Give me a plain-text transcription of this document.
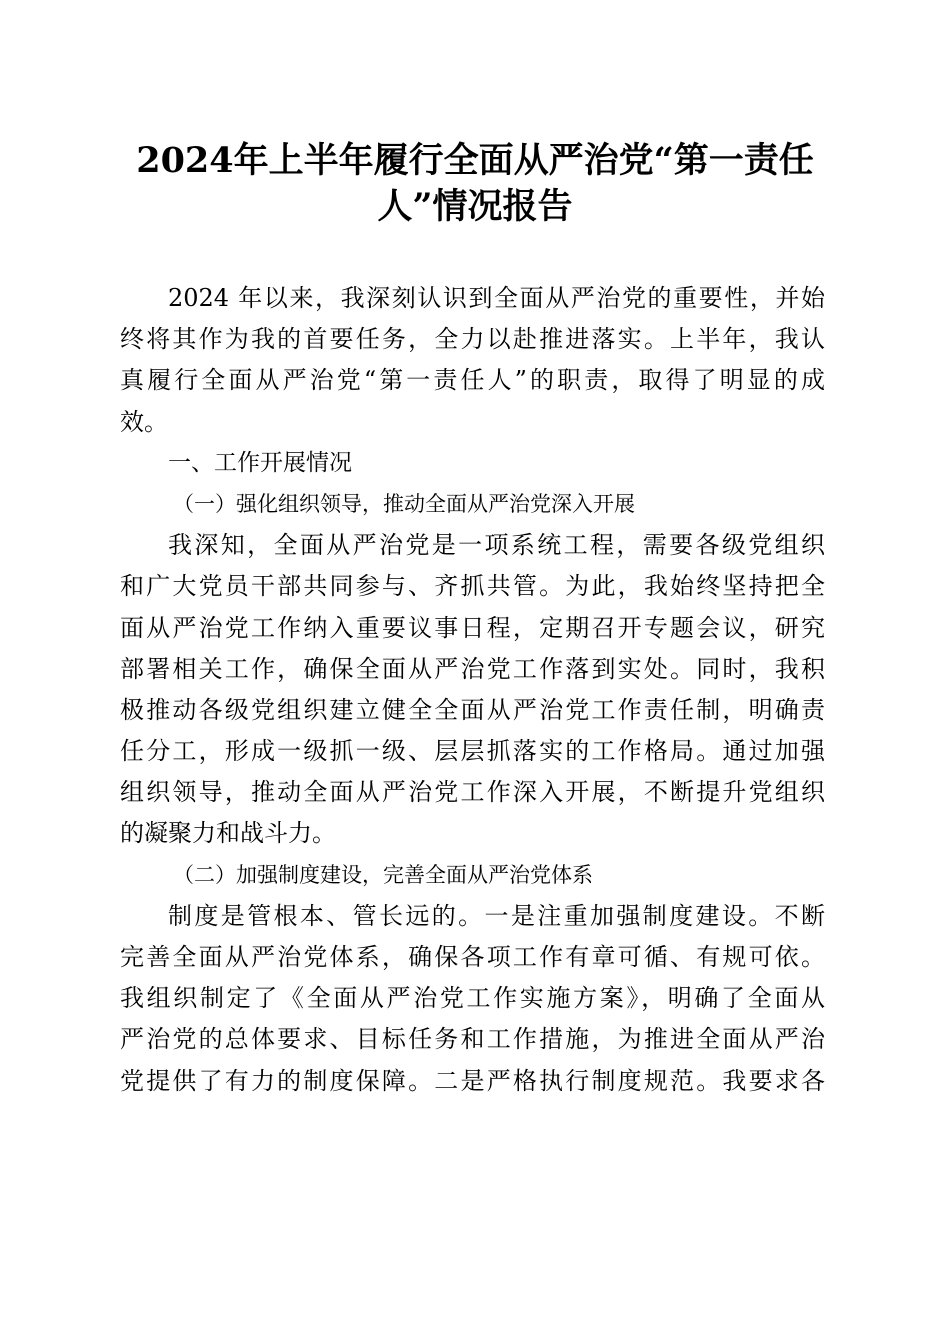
2024年上半年履行全面从严治党“第一责任
人”情况报告
2024 年以来，我深刻认识到全面从严治党的重要性，并始
终将其作为我的首要任务，全力以赴推进落实。上半年，我认
真履行全面从严治党“第一责任人”的职责，取得了明显的成
效。
一、工作开展情况
（一）强化组织领导，推动全面从严治党深入开展
我深知，全面从严治党是一项系统工程，需要各级党组织
和广大党员干部共同参与、齐抓共管。为此，我始终坚持把全
面从严治党工作纳入重要议事日程，定期召开专题会议，研究
部署相关工作，确保全面从严治党工作落到实处。同时，我积
极推动各级党组织建立健全全面从严治党工作责任制，明确责
任分工，形成一级抓一级、层层抓落实的工作格局。通过加强
组织领导，推动全面从严治党工作深入开展，不断提升党组织
的凝聚力和战斗力。
（二）加强制度建设，完善全面从严治党体系
制度是管根本、管长远的。一是注重加强制度建设。不断
完善全面从严治党体系，确保各项工作有章可循、有规可依。
我组织制定了《全面从严治党工作实施方案》，明确了全面从
严治党的总体要求、目标任务和工作措施，为推进全面从严治
党提供了有力的制度保障。二是严格执行制度规范。我要求各
